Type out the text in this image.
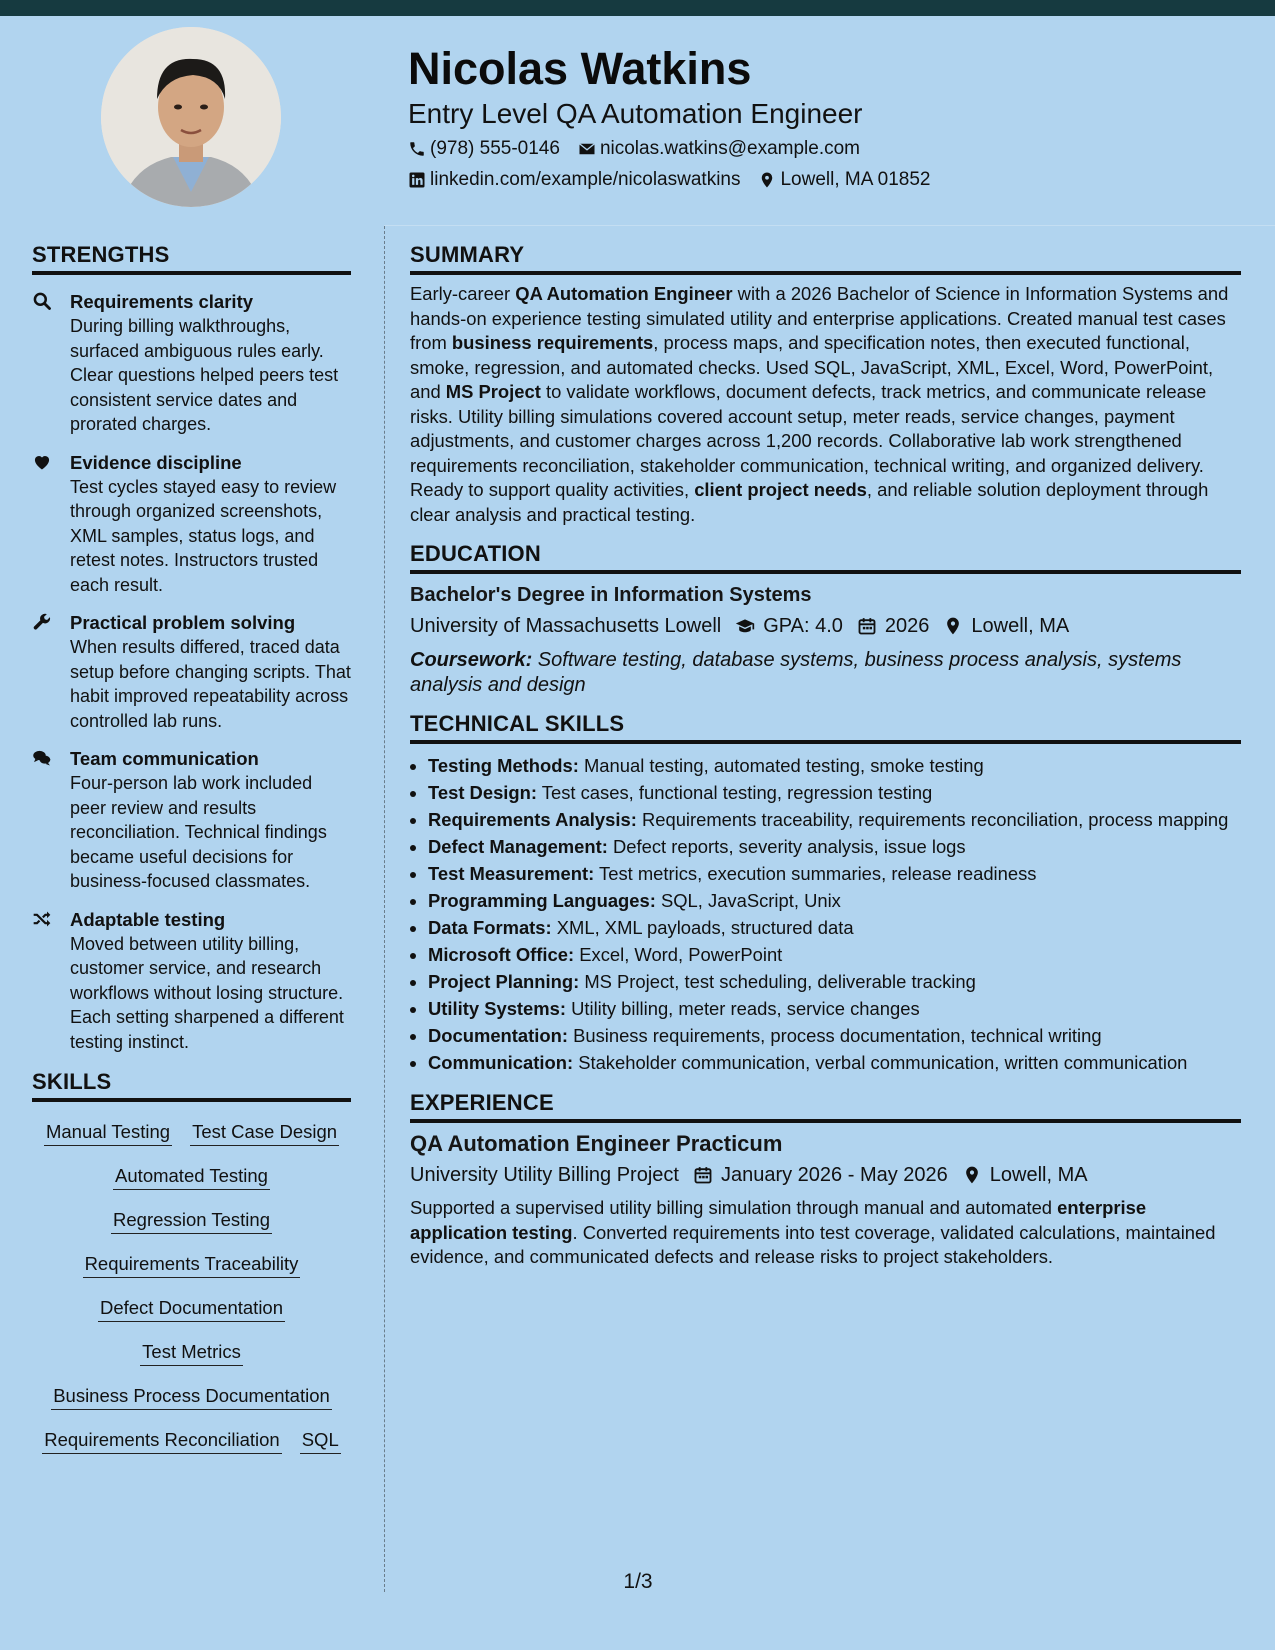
Nicolas Watkins
Entry Level QA Automation Engineer
(978) 555-0146 nicolas.watkins@example.com
linkedin.com/example/nicolaswatkins Lowell, MA 01852
STRENGTHS
Requirements clarity
During billing walkthroughs, surfaced ambiguous rules early. Clear questions helped peers test consistent service dates and prorated charges.
Evidence discipline
Test cycles stayed easy to review through organized screenshots, XML samples, status logs, and retest notes. Instructors trusted each result.
Practical problem solving
When results differed, traced data setup before changing scripts. That habit improved repeatability across controlled lab runs.
Team communication
Four-person lab work included peer review and results reconciliation. Technical findings became useful decisions for business-focused classmates.
Adaptable testing
Moved between utility billing, customer service, and research workflows without losing structure. Each setting sharpened a different testing instinct.
SKILLS
Manual Testing Test Case Design
Automated Testing
Regression Testing
Requirements Traceability
Defect Documentation
Test Metrics
Business Process Documentation
Requirements Reconciliation SQL
SUMMARY

Early-career QA Automation Engineer with a 2026 Bachelor of Science in Information Systems and hands-on experience testing simulated utility and enterprise applications. Created manual test cases from business requirements, process maps, and specification notes, then executed functional, smoke, regression, and automated checks. Used SQL, JavaScript, XML, Excel, Word, PowerPoint, and MS Project to validate workflows, document defects, track metrics, and communicate release risks. Utility billing simulations covered account setup, meter reads, service changes, payment adjustments, and customer charges across 1,200 records. Collaborative lab work strengthened requirements reconciliation, stakeholder communication, technical writing, and organized delivery. Ready to support quality activities, client project needs, and reliable solution deployment through clear analysis and practical testing.

EDUCATION
Bachelor's Degree in Information Systems
University of Massachusetts Lowell GPA: 4.0 2026 Lowell, MA

Coursework: Software testing, database systems, business process analysis, systems analysis and design

TECHNICAL SKILLS
• Testing Methods: Manual testing, automated testing, smoke testing
• Test Design: Test cases, functional testing, regression testing
• Requirements Analysis: Requirements traceability, requirements reconciliation, process mapping
• Defect Management: Defect reports, severity analysis, issue logs
• Test Measurement: Test metrics, execution summaries, release readiness
• Programming Languages: SQL, JavaScript, Unix
• Data Formats: XML, XML payloads, structured data
• Microsoft Office: Excel, Word, PowerPoint
• Project Planning: MS Project, test scheduling, deliverable tracking
• Utility Systems: Utility billing, meter reads, service changes
• Documentation: Business requirements, process documentation, technical writing
• Communication: Stakeholder communication, verbal communication, written communication
EXPERIENCE
QA Automation Engineer Practicum
University Utility Billing Project January 2026 - May 2026 Lowell, MA

Supported a supervised utility billing simulation through manual and automated enterprise application testing. Converted requirements into test coverage, validated calculations, maintained evidence, and communicated defects and release risks to project stakeholders.

1/3
